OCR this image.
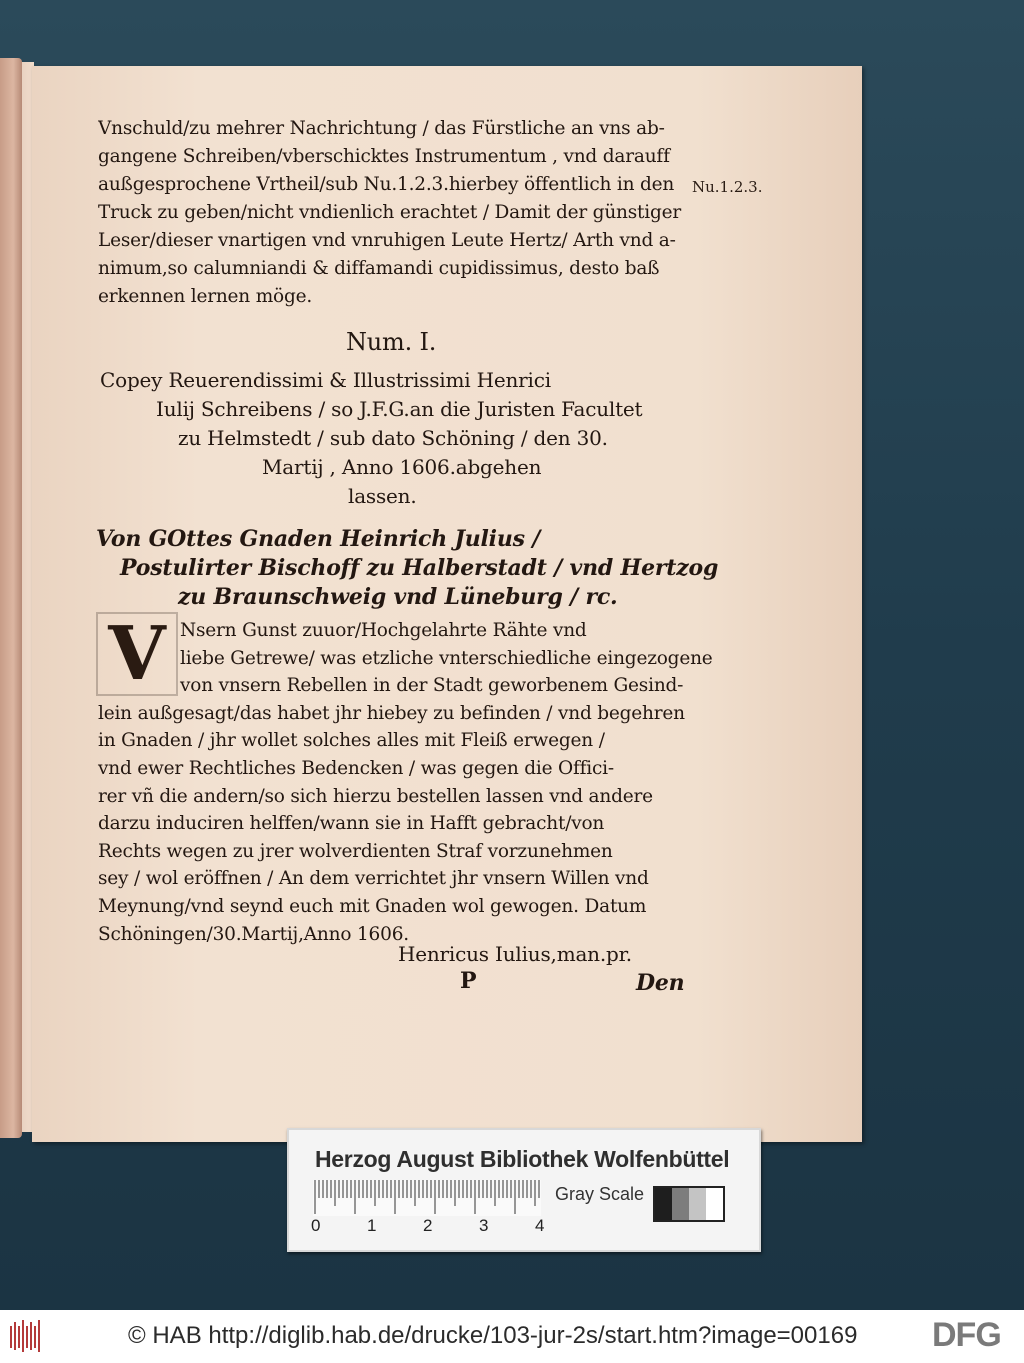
Vnschuld/zu mehrer Nachrichtung / das Fürstliche an vns ab-
gangene Schreiben/vberschicktes Instrumentum , vnd darauff
außgesprochene Vrtheil/sub Nu.1.2.3.hierbey öffentlich in den
Truck zu geben/nicht vndienlich erachtet / Damit der günstiger
Leser/dieser vnartigen vnd vnruhigen Leute Hertz/ Arth vnd a-
nimum,so calumniandi & diffamandi cupidissimus, desto baß
erkennen lernen möge.
Nu.1.2.3.
Num. I.
Copey Reuerendissimi & Illustrissimi Henrici
Iulij Schreibens / so J.F.G.an die Juristen Facultet
zu Helmstedt / sub dato Schöning / den 30.
Martij , Anno 1606.abgehen
lassen.
Von GOttes Gnaden Heinrich Julius /
Postulirter Bischoff zu Halberstadt / vnd Hertzog
zu Braunschweig vnd Lüneburg / rc.
V Nsern Gunst zuuor/Hochgelahrte Rähte vnd
liebe Getrewe/ was etzliche vnterschiedliche eingezogene
von vnsern Rebellen in der Stadt geworbenem Gesind-
lein außgesagt/das habet jhr hiebey zu befinden / vnd begehren
in Gnaden / jhr wollet solches alles mit Fleiß erwegen /
vnd ewer Rechtliches Bedencken / was gegen die Offici-
rer vñ die andern/so sich hierzu bestellen lassen vnd andere
darzu induciren helffen/wann sie in Hafft gebracht/von
Rechts wegen zu jrer wolverdienten Straf vorzunehmen
sey / wol eröffnen / An dem verrichtet jhr vnsern Willen vnd
Meynung/vnd seynd euch mit Gnaden wol gewogen. Datum
Schöningen/30.Martij,Anno 1606.
Henricus Iulius,man.pr.
P	Den
Herzog August Bibliothek Wolfenbüttel
0	1	2	3	4
Gray Scale
© HAB http://diglib.hab.de/drucke/103-jur-2s/start.htm?image=00169 DFG
